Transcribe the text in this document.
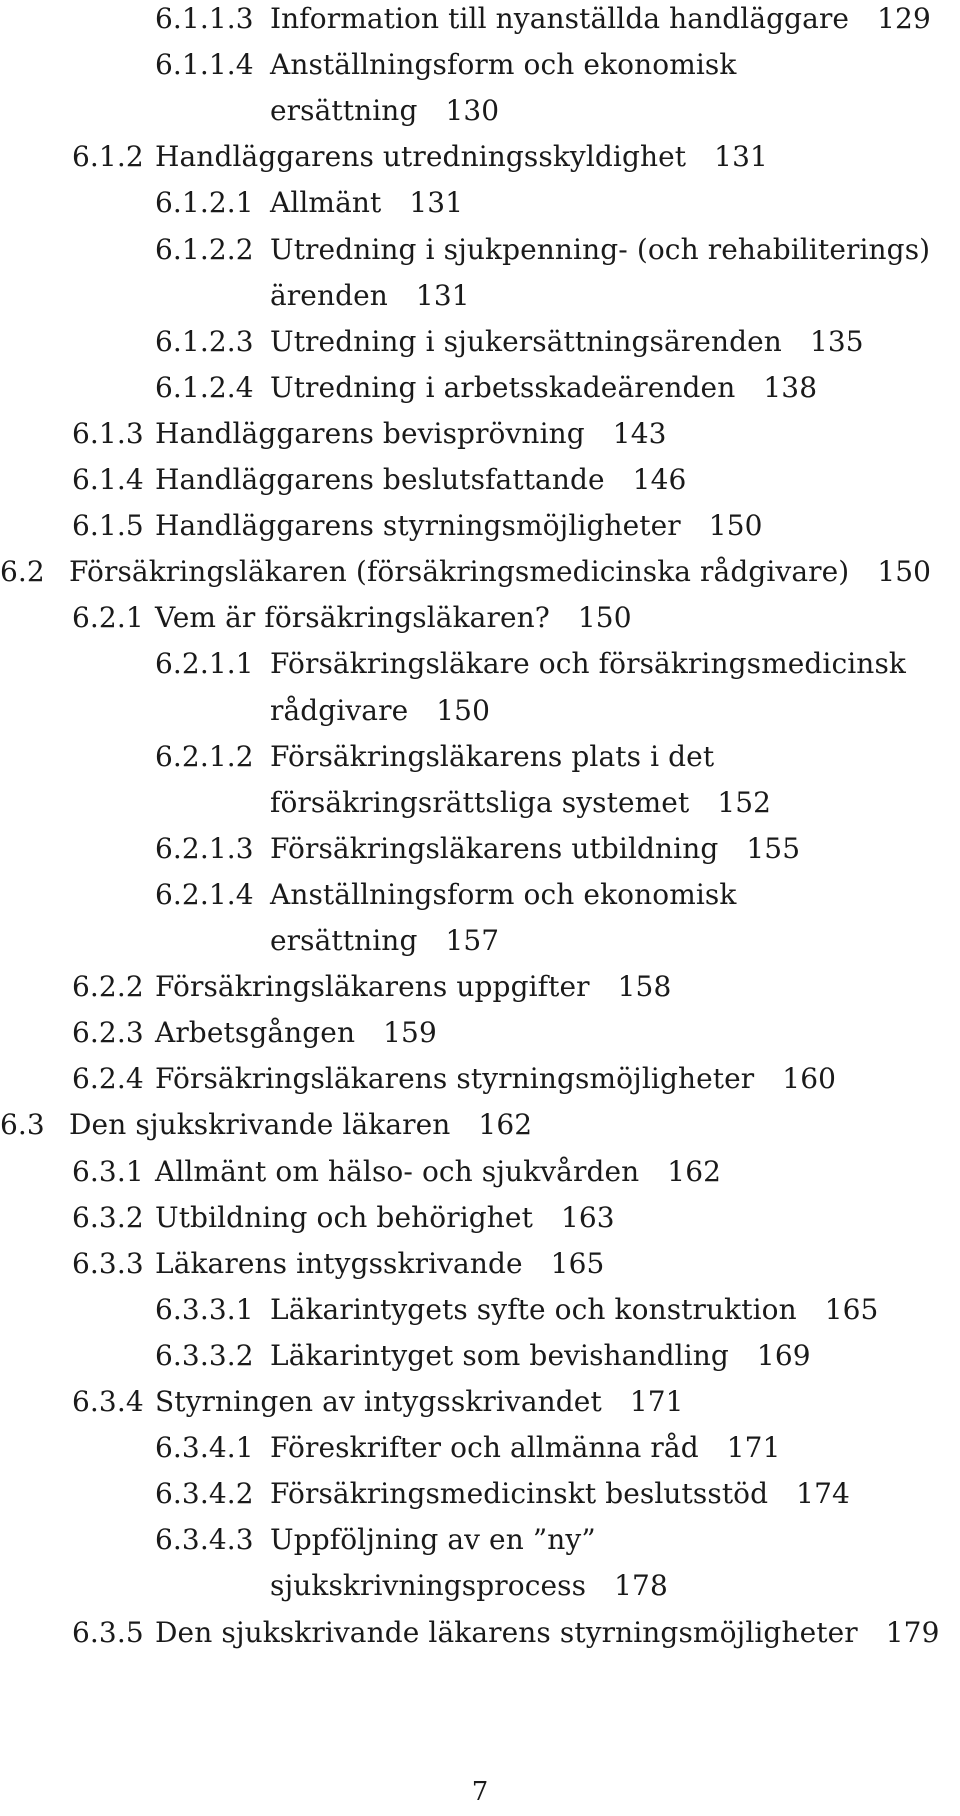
6.1.1.3 Information till nyanställda handläggare 129
6.1.1.4 Anställningsform och ekonomisk
ersättning 130
6.1.2 Handläggarens utredningsskyldighet 131
6.1.2.1 Allmänt 131
6.1.2.2 Utredning i sjukpenning- (och rehabiliterings)
ärenden 131
6.1.2.3 Utredning i sjukersättningsärenden 135
6.1.2.4 Utredning i arbetsskadeärenden 138
6.1.3 Handläggarens bevisprövning 143
6.1.4 Handläggarens beslutsfattande 146
6.1.5 Handläggarens styrningsmöjligheter 150
6.2 Försäkringsläkaren (försäkringsmedicinska rådgivare) 150
6.2.1 Vem är försäkringsläkaren? 150
6.2.1.1 Försäkringsläkare och försäkringsmedicinsk
rådgivare 150
6.2.1.2 Försäkringsläkarens plats i det
försäkringsrättsliga systemet 152
6.2.1.3 Försäkringsläkarens utbildning 155
6.2.1.4 Anställningsform och ekonomisk
ersättning 157
6.2.2 Försäkringsläkarens uppgifter 158
6.2.3 Arbetsgången 159
6.2.4 Försäkringsläkarens styrningsmöjligheter 160
6.3 Den sjukskrivande läkaren 162
6.3.1 Allmänt om hälso- och sjukvården 162
6.3.2 Utbildning och behörighet 163
6.3.3 Läkarens intygsskrivande 165
6.3.3.1 Läkarintygets syfte och konstruktion 165
6.3.3.2 Läkarintyget som bevishandling 169
6.3.4 Styrningen av intygsskrivandet 171
6.3.4.1 Föreskrifter och allmänna råd 171
6.3.4.2 Försäkringsmedicinskt beslutsstöd 174
6.3.4.3 Uppföljning av en ”ny”
sjukskrivningsprocess 178
6.3.5 Den sjukskrivande läkarens styrningsmöjligheter 179
7
